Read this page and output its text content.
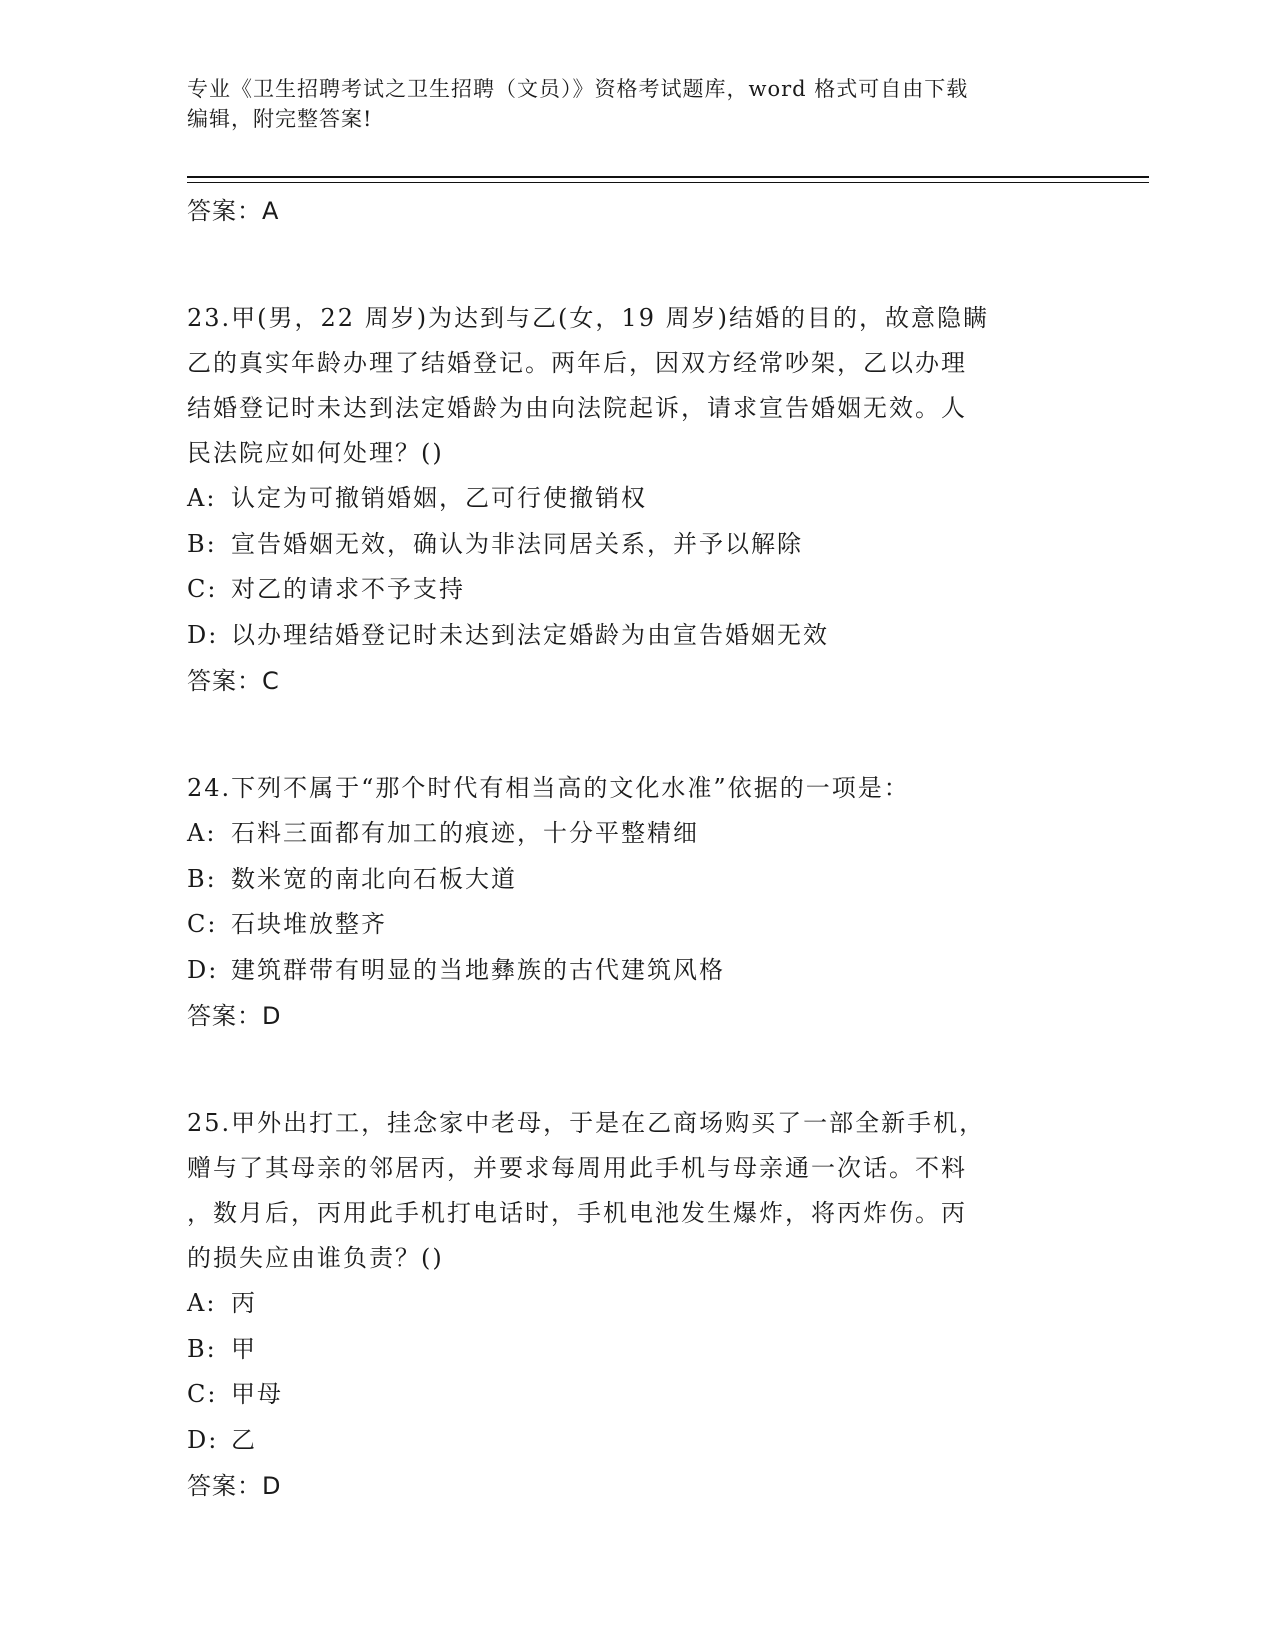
专业《卫生招聘考试之卫生招聘（文员）》资格考试题库，word 格式可自由下载
编辑，附完整答案!
答案：A
23.甲(男，22 周岁)为达到与乙(女，19 周岁)结婚的目的，故意隐瞒
乙的真实年龄办理了结婚登记。两年后，因双方经常吵架，乙以办理
结婚登记时未达到法定婚龄为由向法院起诉，请求宣告婚姻无效。人
民法院应如何处理？()
A: 认定为可撤销婚姻，乙可行使撤销权
B: 宣告婚姻无效，确认为非法同居关系，并予以解除
C: 对乙的请求不予支持
D: 以办理结婚登记时未达到法定婚龄为由宣告婚姻无效
答案：C
24.下列不属于“那个时代有相当高的文化水准”依据的一项是：
A: 石料三面都有加工的痕迹，十分平整精细
B: 数米宽的南北向石板大道
C: 石块堆放整齐
D: 建筑群带有明显的当地彝族的古代建筑风格
答案：D
25.甲外出打工，挂念家中老母，于是在乙商场购买了一部全新手机，
赠与了其母亲的邻居丙，并要求每周用此手机与母亲通一次话。不料
，数月后，丙用此手机打电话时，手机电池发生爆炸，将丙炸伤。丙
的损失应由谁负责？()
A: 丙
B: 甲
C: 甲母
D: 乙
答案：D
